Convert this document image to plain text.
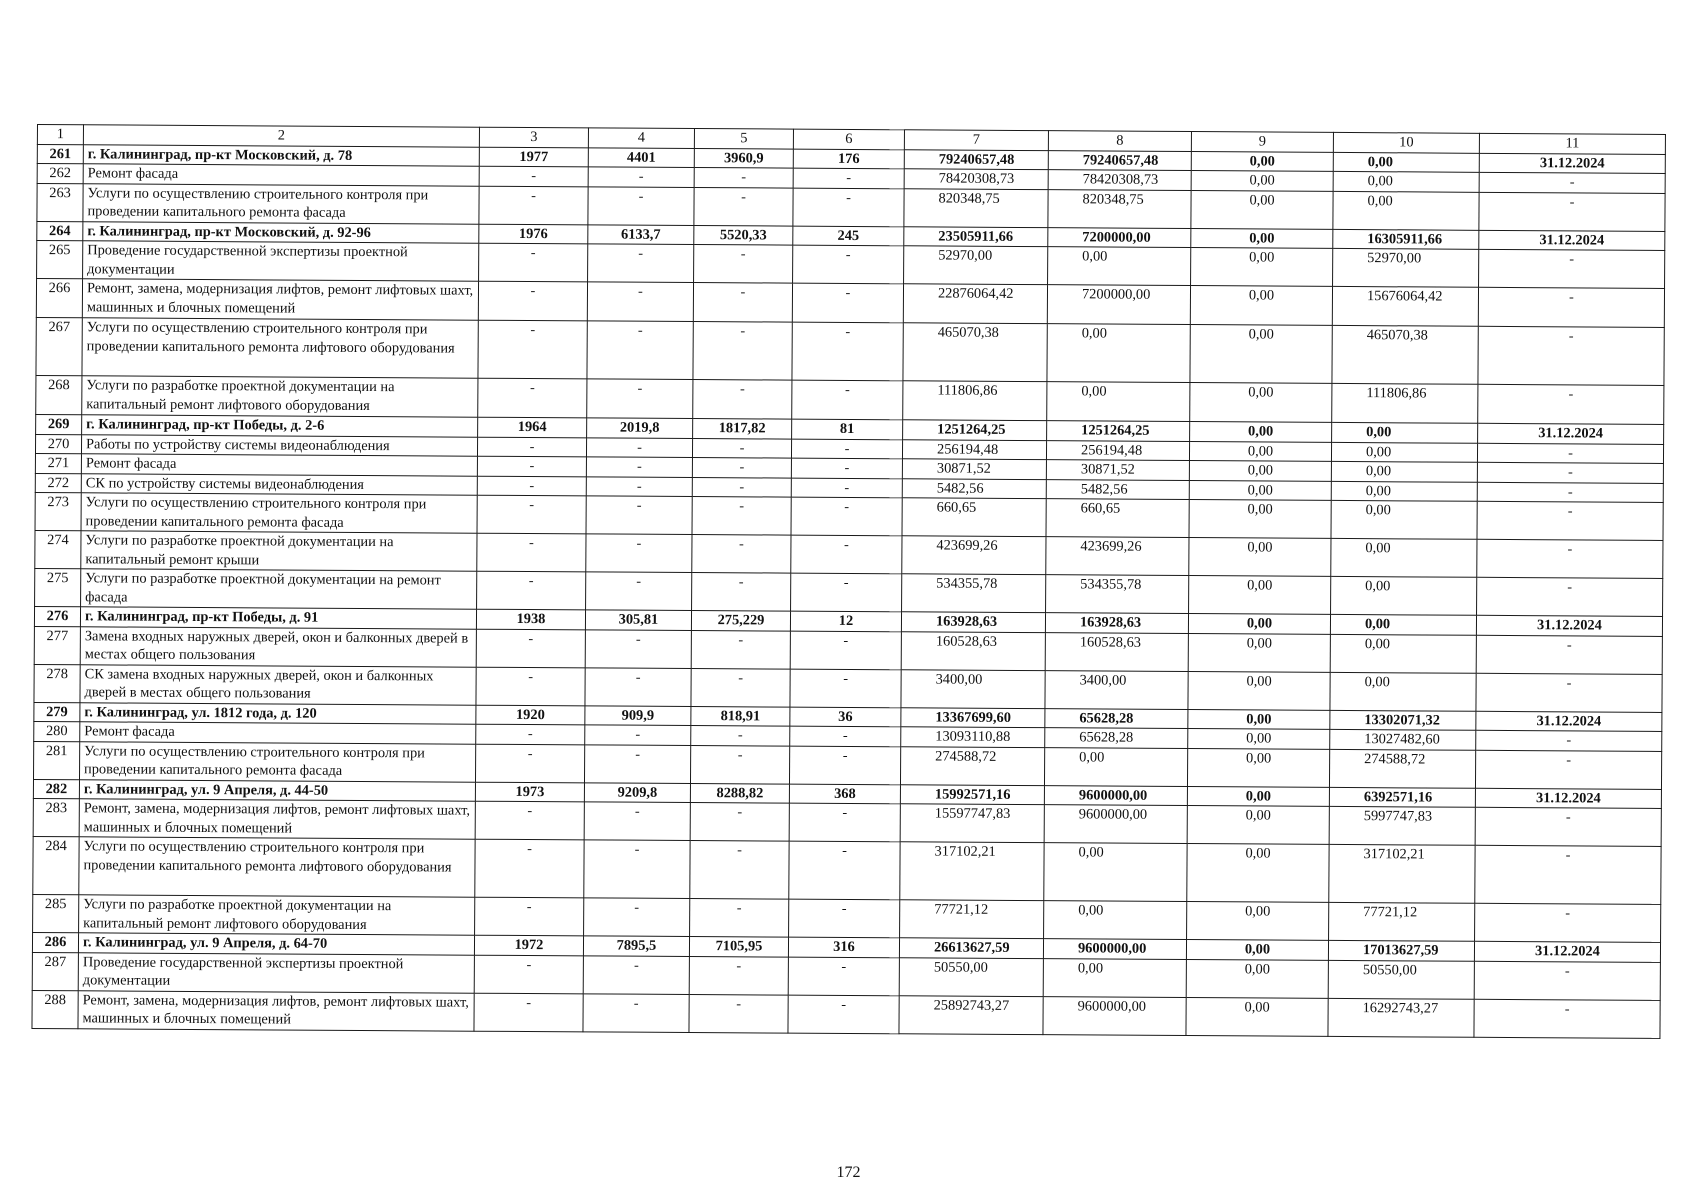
1	2	3	4	5	6	7	8	9	10	11
261	г. Калининград, пр-кт Московский, д. 78	1977	4401	3960,9	176	79240657,48	79240657,48	0,00	0,00	31.12.2024
262	Ремонт фасада	-	-	-	-	78420308,73	78420308,73	0,00	0,00	-
263	Услуги по осуществлению строительного контроля при проведении капитального ремонта фасада	-	-	-	-	820348,75	820348,75	0,00	0,00	-
264	г. Калининград, пр-кт Московский, д. 92-96	1976	6133,7	5520,33	245	23505911,66	7200000,00	0,00	16305911,66	31.12.2024
265	Проведение государственной экспертизы проектной документации	-	-	-	-	52970,00	0,00	0,00	52970,00	-
266	Ремонт, замена, модернизация лифтов, ремонт лифтовых шахт, машинных и блочных помещений	-	-	-	-	22876064,42	7200000,00	0,00	15676064,42	-
267	Услуги по осуществлению строительного контроля при проведении капитального ремонта лифтового оборудования	-	-	-	-	465070,38	0,00	0,00	465070,38	-
268	Услуги по разработке проектной документации на капитальный ремонт лифтового оборудования	-	-	-	-	111806,86	0,00	0,00	111806,86	-
269	г. Калининград, пр-кт Победы, д. 2-6	1964	2019,8	1817,82	81	1251264,25	1251264,25	0,00	0,00	31.12.2024
270	Работы по устройству системы видеонаблюдения	-	-	-	-	256194,48	256194,48	0,00	0,00	-
271	Ремонт фасада	-	-	-	-	30871,52	30871,52	0,00	0,00	-
272	СК по устройству системы видеонаблюдения	-	-	-	-	5482,56	5482,56	0,00	0,00	-
273	Услуги по осуществлению строительного контроля при проведении капитального ремонта фасада	-	-	-	-	660,65	660,65	0,00	0,00	-
274	Услуги по разработке проектной документации на капитальный ремонт крыши	-	-	-	-	423699,26	423699,26	0,00	0,00	-
275	Услуги по разработке проектной документации на ремонт фасада	-	-	-	-	534355,78	534355,78	0,00	0,00	-
276	г. Калининград, пр-кт Победы, д. 91	1938	305,81	275,229	12	163928,63	163928,63	0,00	0,00	31.12.2024
277	Замена входных наружных дверей, окон и балконных дверей в местах общего пользования	-	-	-	-	160528,63	160528,63	0,00	0,00	-
278	СК замена входных наружных дверей, окон и балконных дверей в местах общего пользования	-	-	-	-	3400,00	3400,00	0,00	0,00	-
279	г. Калининград, ул. 1812 года, д. 120	1920	909,9	818,91	36	13367699,60	65628,28	0,00	13302071,32	31.12.2024
280	Ремонт фасада	-	-	-	-	13093110,88	65628,28	0,00	13027482,60	-
281	Услуги по осуществлению строительного контроля при проведении капитального ремонта фасада	-	-	-	-	274588,72	0,00	0,00	274588,72	-
282	г. Калининград, ул. 9 Апреля, д. 44-50	1973	9209,8	8288,82	368	15992571,16	9600000,00	0,00	6392571,16	31.12.2024
283	Ремонт, замена, модернизация лифтов, ремонт лифтовых шахт, машинных и блочных помещений	-	-	-	-	15597747,83	9600000,00	0,00	5997747,83	-
284	Услуги по осуществлению строительного контроля при проведении капитального ремонта лифтового оборудования	-	-	-	-	317102,21	0,00	0,00	317102,21	-
285	Услуги по разработке проектной документации на капитальный ремонт лифтового оборудования	-	-	-	-	77721,12	0,00	0,00	77721,12	-
286	г. Калининград, ул. 9 Апреля, д. 64-70	1972	7895,5	7105,95	316	26613627,59	9600000,00	0,00	17013627,59	31.12.2024
287	Проведение государственной экспертизы проектной документации	-	-	-	-	50550,00	0,00	0,00	50550,00	-
288	Ремонт, замена, модернизация лифтов, ремонт лифтовых шахт, машинных и блочных помещений	-	-	-	-	25892743,27	9600000,00	0,00	16292743,27	-
172
